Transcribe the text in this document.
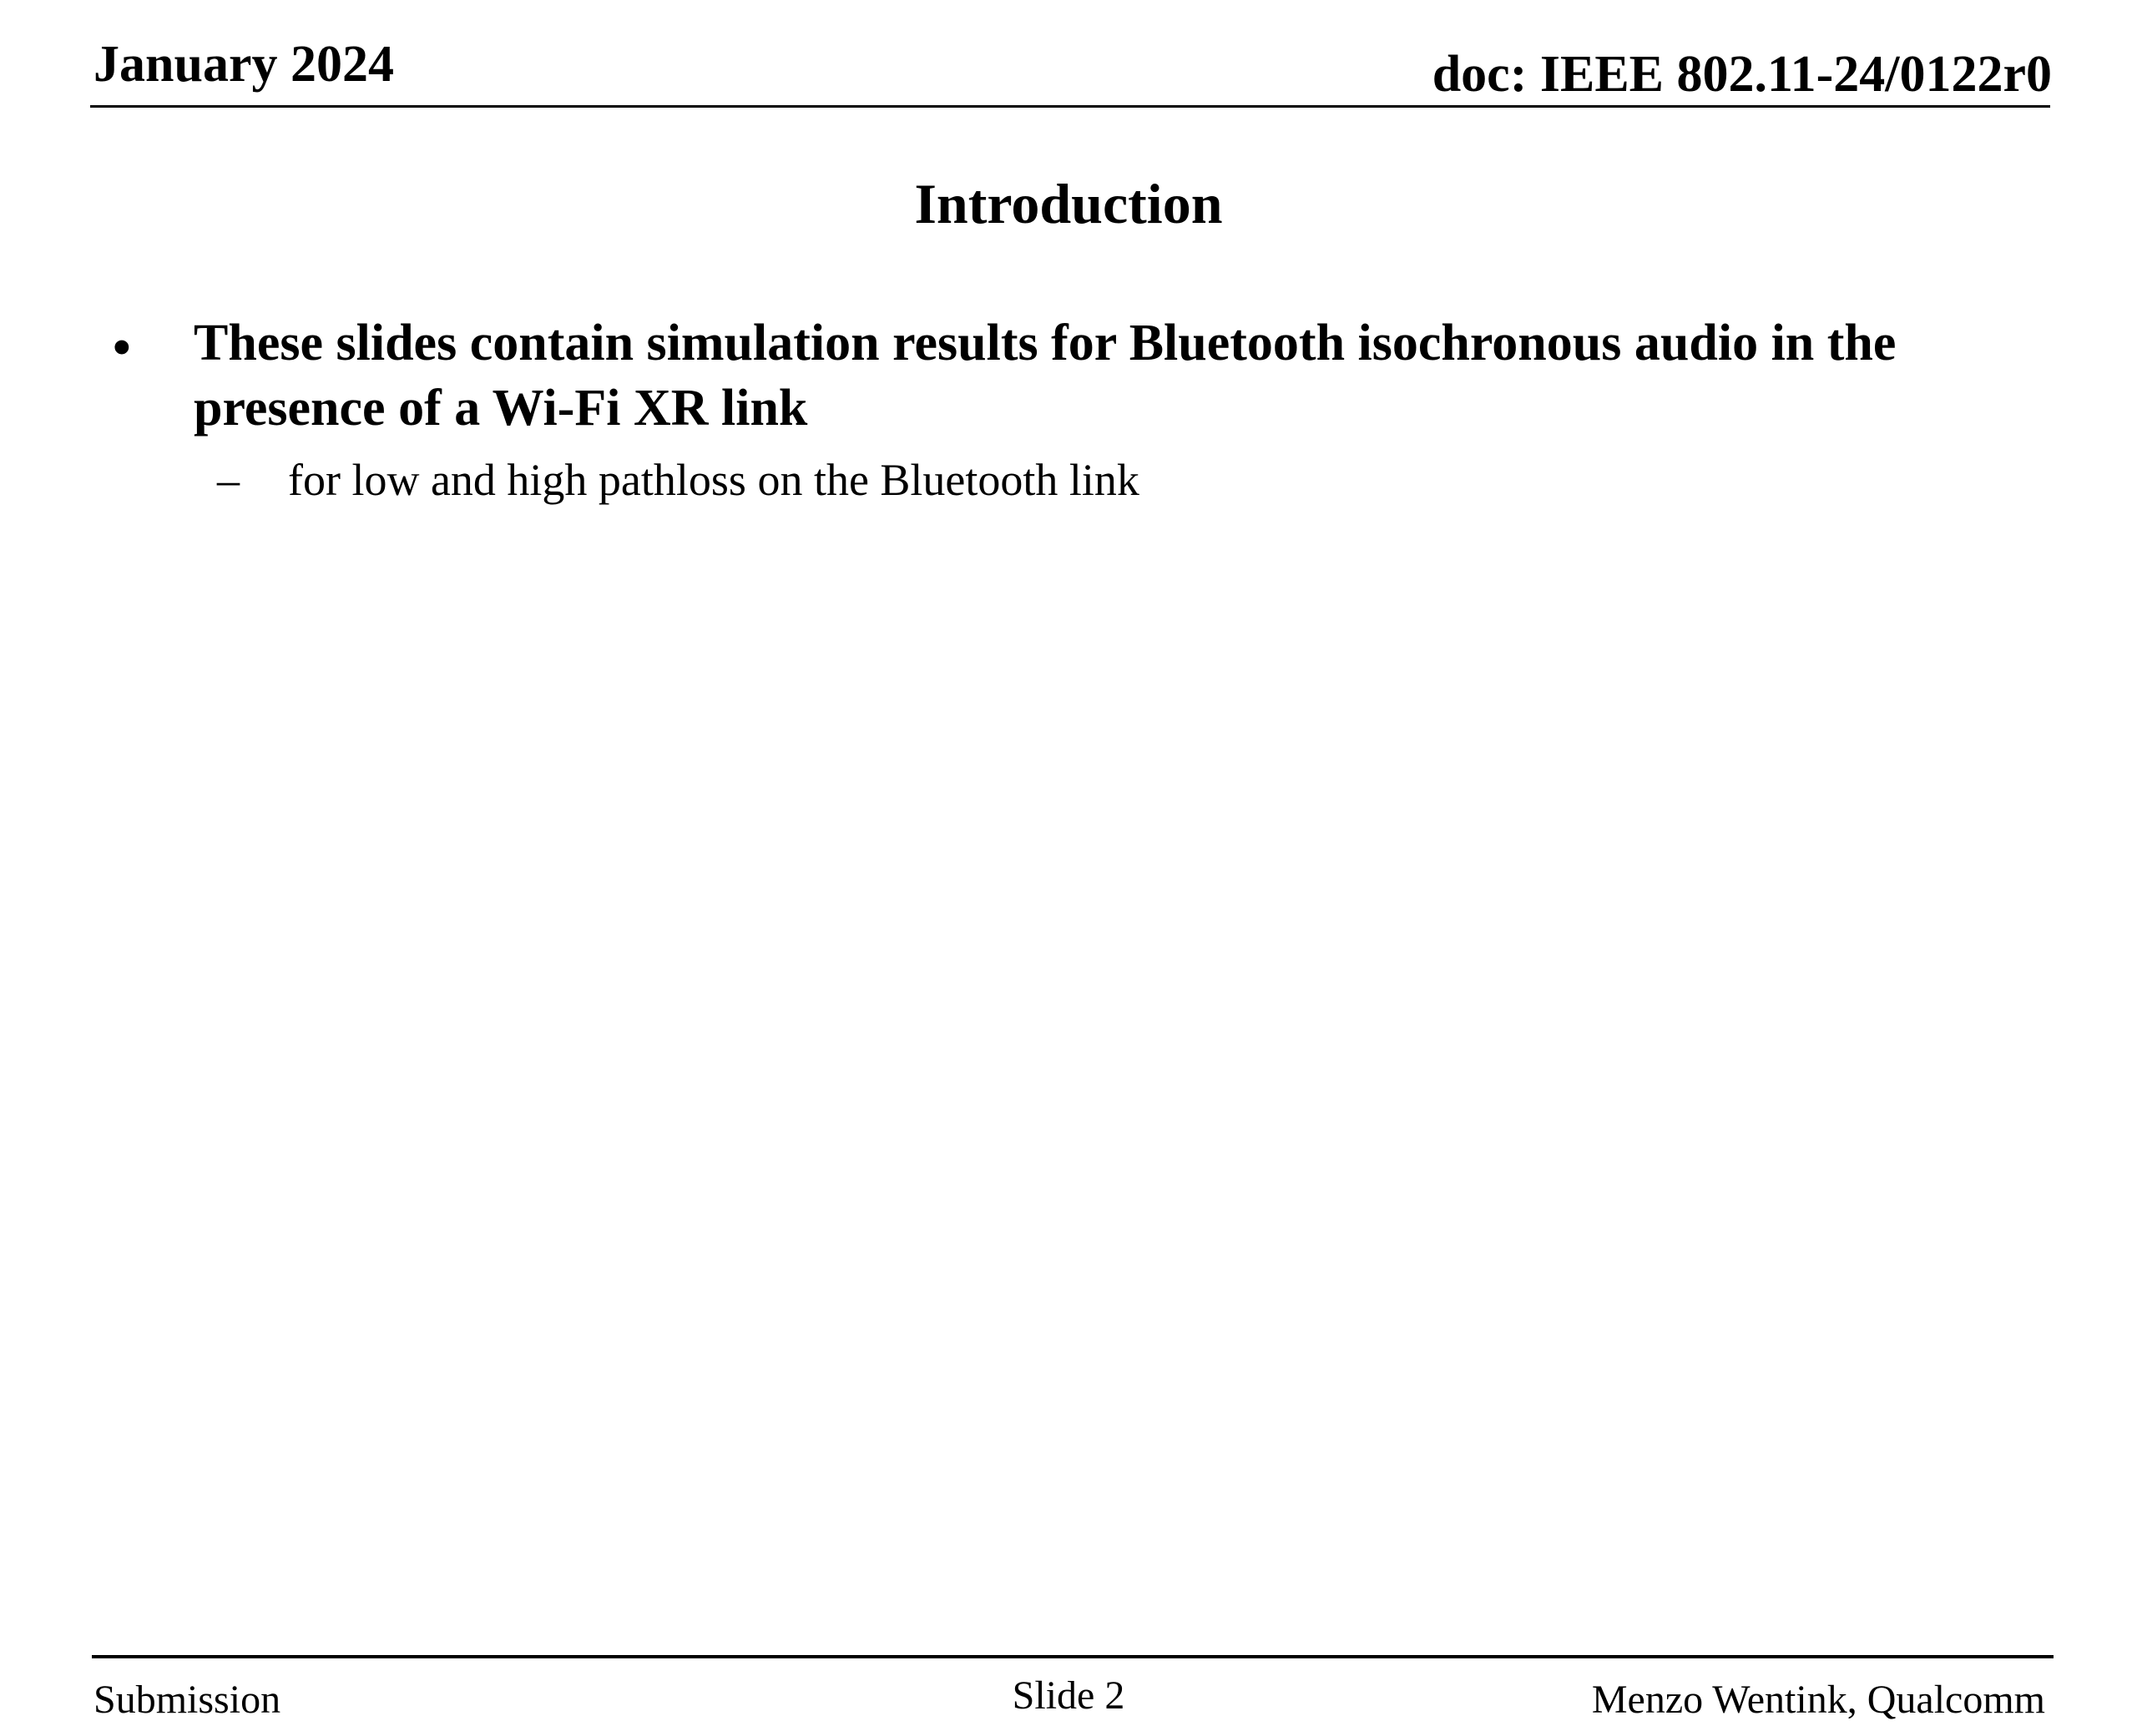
January 2024	doc: IEEE 802.11-24/0122r0
Introduction
• These slides contain simulation results for Bluetooth isochronous audio in the presence of a Wi-Fi XR link
– for low and high pathloss on the Bluetooth link
Submission	Slide 2	Menzo Wentink, Qualcomm
